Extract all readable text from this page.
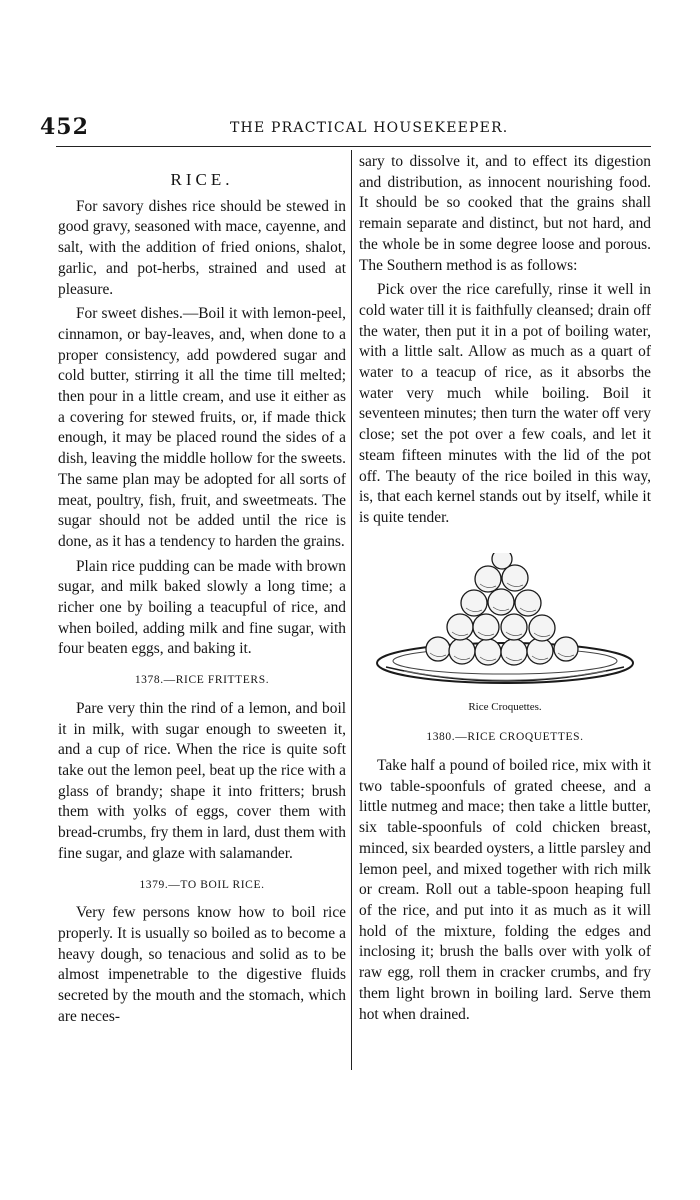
452	THE PRACTICAL HOUSEKEEPER.
RICE.

For savory dishes rice should be stewed in good gravy, seasoned with mace, cayenne, and salt, with the addition of fried onions, shalot, garlic, and pot-herbs, strained and used at pleasure.

For sweet dishes.—Boil it with lemon-peel, cinnamon, or bay-leaves, and, when done to a proper consistency, add powdered sugar and cold butter, stirring it all the time till melted; then pour in a little cream, and use it either as a covering for stewed fruits, or, if made thick enough, it may be placed round the sides of a dish, leaving the middle hollow for the sweets. The same plan may be adopted for all sorts of meat, poultry, fish, fruit, and sweetmeats. The sugar should not be added until the rice is done, as it has a tendency to harden the grains.

Plain rice pudding can be made with brown sugar, and milk baked slowly a long time; a richer one by boiling a teacupful of rice, and when boiled, adding milk and fine sugar, with four beaten eggs, and baking it.

1378.—RICE FRITTERS.

Pare very thin the rind of a lemon, and boil it in milk, with sugar enough to sweeten it, and a cup of rice. When the rice is quite soft take out the lemon peel, beat up the rice with a glass of brandy; shape it into fritters; brush them with yolks of eggs, cover them with bread-crumbs, fry them in lard, dust them with fine sugar, and glaze with salamander.

1379.—TO BOIL RICE.

Very few persons know how to boil rice properly. It is usually so boiled as to become a heavy dough, so tenacious and solid as to be almost impenetrable to the digestive fluids secreted by the mouth and the stomach, which are neces-

sary to dissolve it, and to effect its digestion and distribution, as innocent nourishing food. It should be so cooked that the grains shall remain separate and distinct, but not hard, and the whole be in some degree loose and porous. The Southern method is as follows:

Pick over the rice carefully, rinse it well in cold water till it is faithfully cleansed; drain off the water, then put it in a pot of boiling water, with a little salt. Allow as much as a quart of water to a teacup of rice, as it absorbs the water very much while boiling. Boil it seventeen minutes; then turn the water off very close; set the pot over a few coals, and let it steam fifteen minutes with the lid of the pot off. The beauty of the rice boiled in this way, is, that each kernel stands out by itself, while it is quite tender.

Rice Croquettes.
1380.—RICE CROQUETTES.

Take half a pound of boiled rice, mix with it two table-spoonfuls of grated cheese, and a little nutmeg and mace; then take a little butter, six table-spoonfuls of cold chicken breast, minced, six bearded oysters, a little parsley and lemon peel, and mixed together with rich milk or cream. Roll out a table-spoon heaping full of the rice, and put into it as much as it will hold of the mixture, folding the edges and inclosing it; brush the balls over with yolk of raw egg, roll them in cracker crumbs, and fry them light brown in boiling lard. Serve them hot when drained.
